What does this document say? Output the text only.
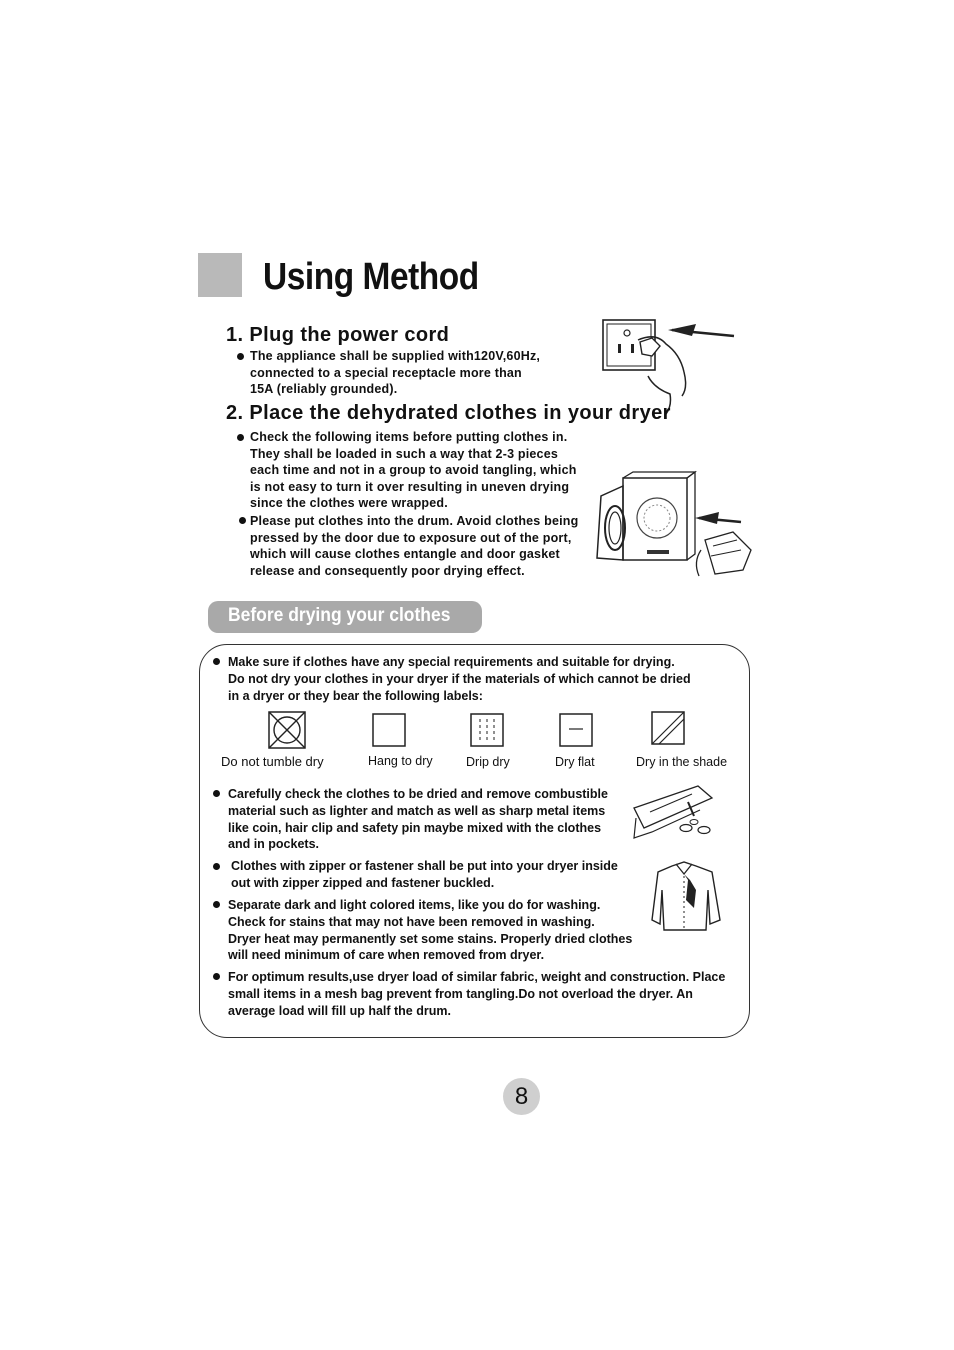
Using Method
1. Plug the power cord
The appliance shall be supplied with120V,60Hz,
connected to a special receptacle more than
15A (reliably grounded).
2. Place the dehydrated clothes in your dryer
Check the following items before putting clothes in.
They shall be loaded in such a way that 2-3 pieces
each time and not in a group to avoid tangling, which
is not easy to turn it over resulting in uneven drying
since the clothes were wrapped.
Please put clothes into the drum. Avoid clothes being
pressed by the door due to exposure out of the port,
which will cause clothes entangle and door gasket
release and consequently poor drying effect.
Before drying your clothes
Make sure if clothes have any special requirements and suitable for drying.
Do not dry your clothes in your dryer if the materials of which cannot be dried
in a dryer or they bear the following labels:
Do not tumble dry	Hang to dry	Drip dry	Dry flat	Dry in the shade
Carefully check the clothes to be dried and remove combustible
material such as lighter and match as well as sharp metal items
like coin, hair clip and safety pin maybe mixed with the clothes
and in pockets.
Clothes with zipper or fastener shall be put into your dryer inside
out with zipper zipped and fastener buckled.
Separate dark and light colored items, like you do for washing.
Check for stains that may not have been removed in washing.
Dryer heat may permanently set some stains. Properly dried clothes
will need minimum of care when removed from dryer.
For optimum results,use dryer load of similar fabric, weight and construction. Place
small items in a mesh bag prevent from tangling.Do not overload the dryer. An
average load will fill up half the drum.
8
